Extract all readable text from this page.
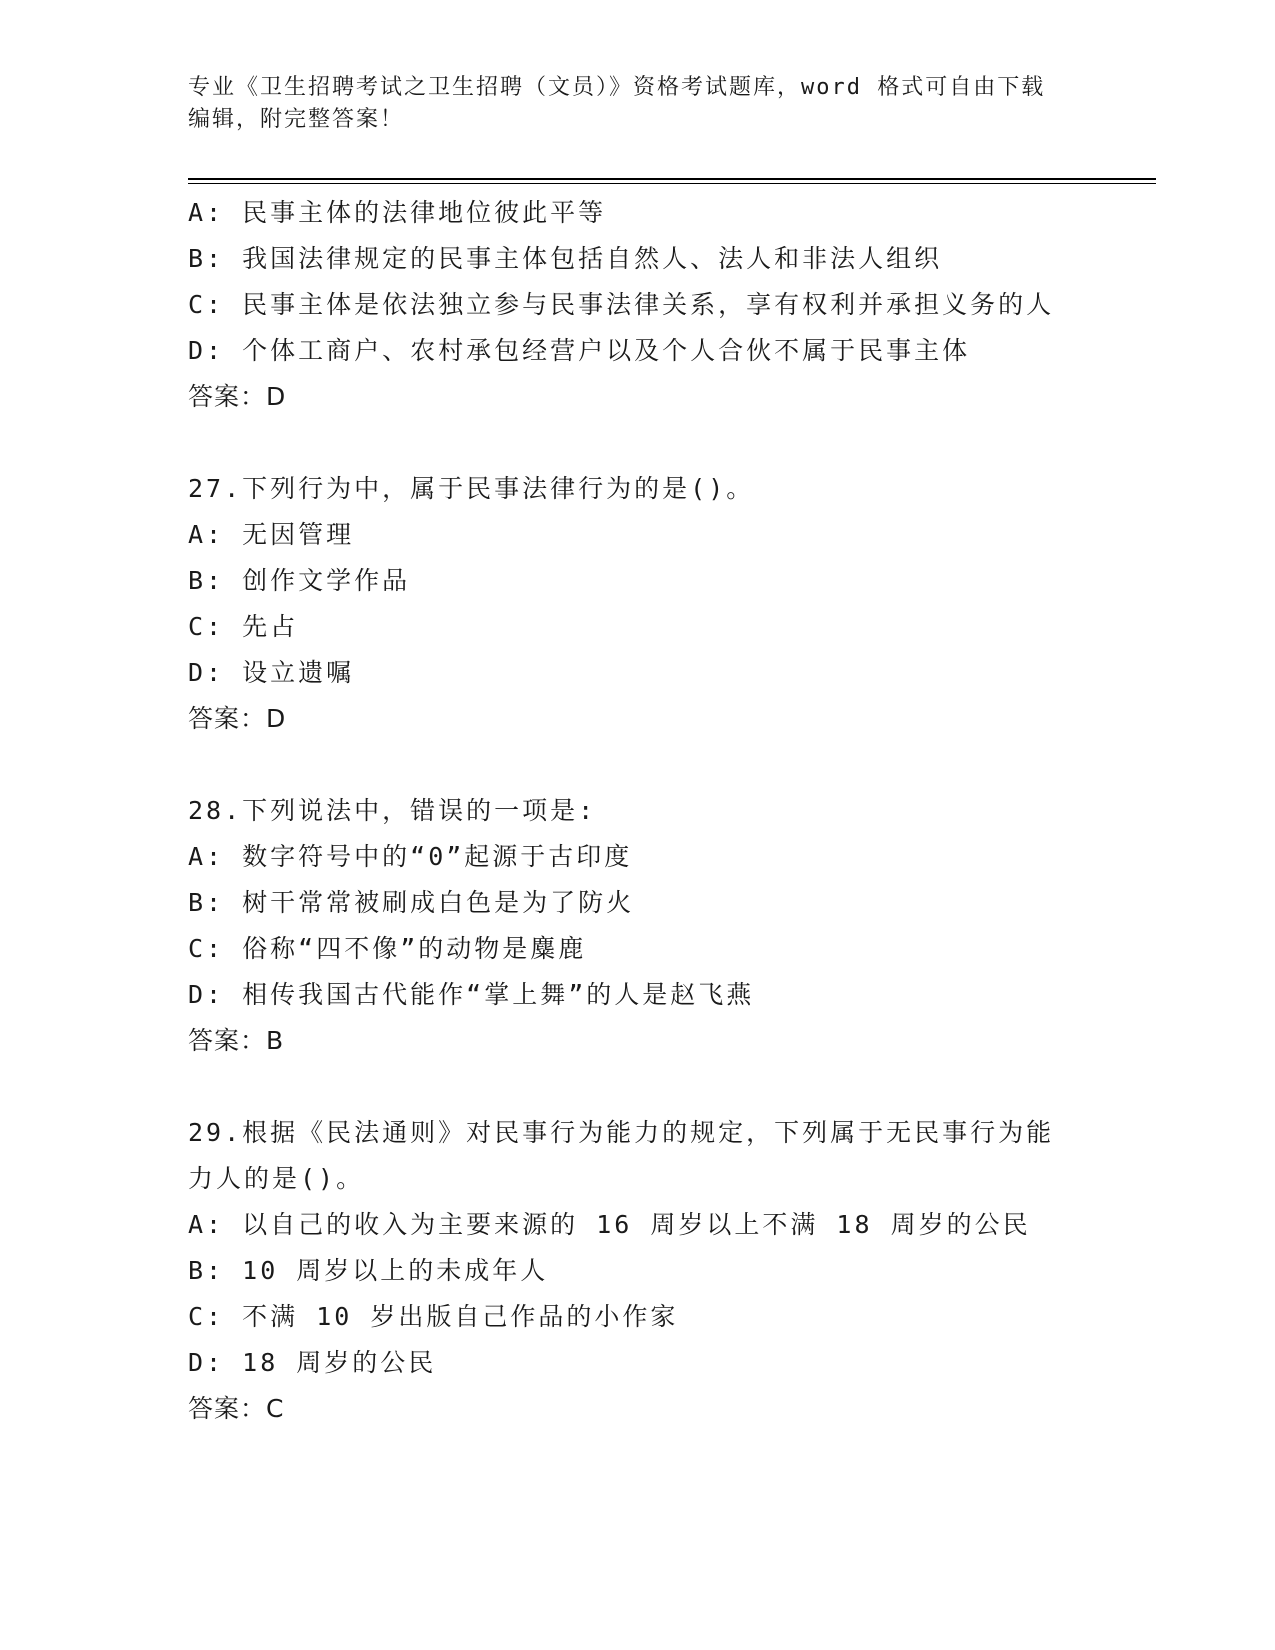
专业《卫生招聘考试之卫生招聘（文员）》资格考试题库，word 格式可自由下载
编辑，附完整答案！
A: 民事主体的法律地位彼此平等
B: 我国法律规定的民事主体包括自然人、法人和非法人组织
C: 民事主体是依法独立参与民事法律关系，享有权利并承担义务的人
D: 个体工商户、农村承包经营户以及个人合伙不属于民事主体
答案：D
27.下列行为中，属于民事法律行为的是()。
A: 无因管理
B: 创作文学作品
C: 先占
D: 设立遗嘱
答案：D
28.下列说法中，错误的一项是:
A: 数字符号中的“0”起源于古印度
B: 树干常常被刷成白色是为了防火
C: 俗称“四不像”的动物是麋鹿
D: 相传我国古代能作“掌上舞”的人是赵飞燕
答案：B
29.根据《民法通则》对民事行为能力的规定，下列属于无民事行为能
力人的是()。
A: 以自己的收入为主要来源的 16 周岁以上不满 18 周岁的公民
B: 10 周岁以上的未成年人
C: 不满 10 岁出版自己作品的小作家
D: 18 周岁的公民
答案：C
